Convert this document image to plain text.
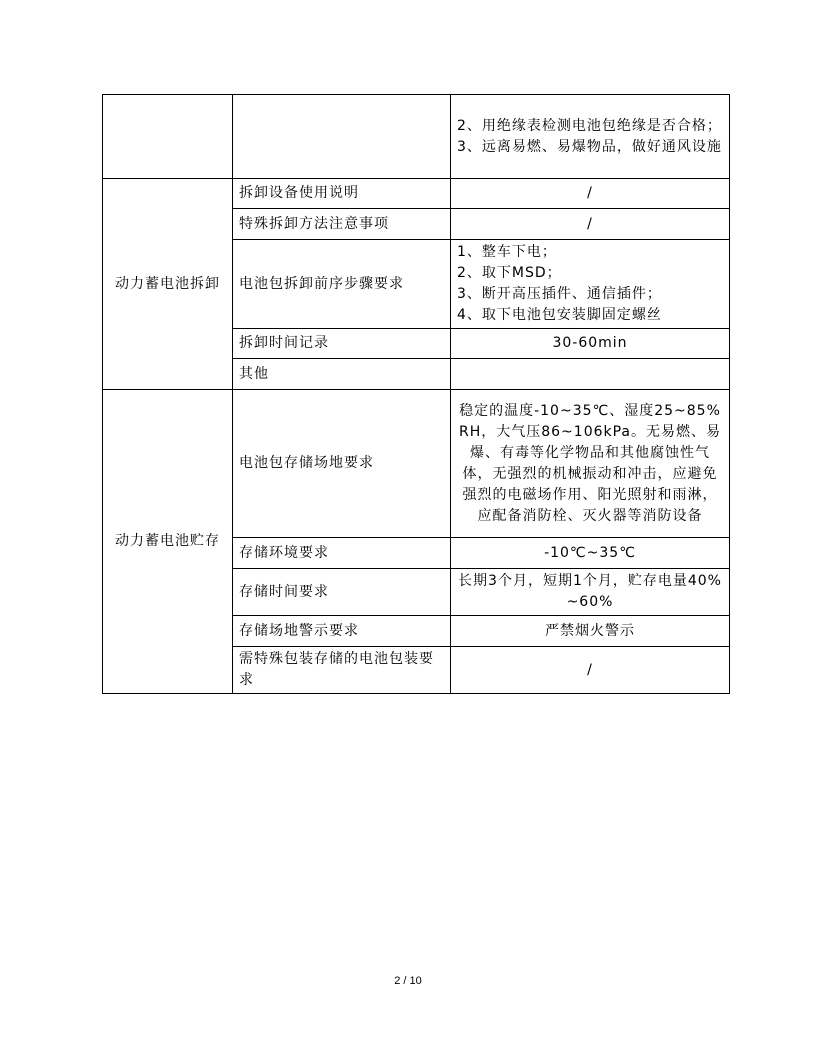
		2、用绝缘表检测电池包绝缘是否合格；
3、远离易燃、易爆物品，做好通风设施

动力蓄电池拆卸	拆卸设备使用说明	/
	特殊拆卸方法注意事项	/
	电池包拆卸前序步骤要求	1、整车下电；
2、取下MSD；
3、断开高压插件、通信插件；
4、取下电池包安装脚固定螺丝

	拆卸时间记录	30-60min
	其他	
动力蓄电池贮存	电池包存储场地要求	稳定的温度-10~35℃、湿度25~85%RH，大气压86~106kPa。无易燃、易爆、有毒等化学物品和其他腐蚀性气体，无强烈的机械振动和冲击，应避免强烈的电磁场作用、阳光照射和雨淋，应配备消防栓、灭火器等消防设备
	存储环境要求	-10℃~35℃
	存储时间要求	长期3个月，短期1个月，贮存电量40%~60%
	存储场地警示要求	严禁烟火警示
	需特殊包装存储的电池包装要求	/
2 / 10
